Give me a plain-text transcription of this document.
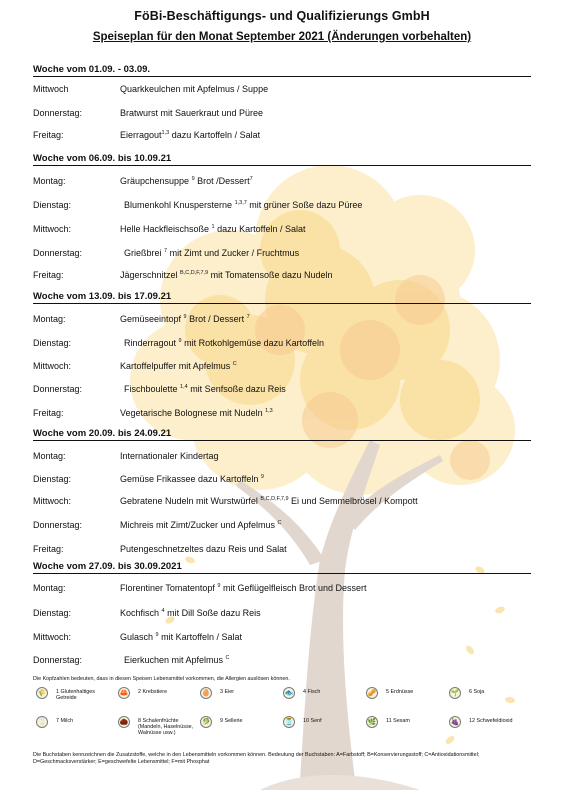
FöBi-Beschäftigungs- und Qualifizierungs GmbH
Speiseplan für den Monat September 2021 (Änderungen vorbehalten)
Woche vom 01.09. - 03.09.
Mittwoch	Quarkkeulchen mit Apfelmus / Suppe
Donnerstag:	Bratwurst mit Sauerkraut und Püree
Freitag:	Eierragout$^{1,3}$ dazu Kartoffeln / Salat
Woche vom 06.09. bis 10.09.21
Montag:	Gräupchensuppe $^9$ Brot /Dessert$^7$
Dienstag:	Blumenkohl Knuspersterne $^{1,3,7}$ mit grüner Soße dazu Püree
Mittwoch:	Helle Hackfleischsoße $^1$ dazu Kartoffeln / Salat
Donnerstag:	Grießbrei $^7$ mit Zimt und Zucker / Fruchtmus
Freitag:	Jägerschnitzel $^{B,C,D,F,7,9}$ mit Tomatensoße dazu Nudeln
Woche vom 13.09. bis 17.09.21
Montag:	Gemüseeintopf $^9$ Brot / Dessert $^7$
Dienstag:	Rinderragout $^9$ mit Rotkohlgemüse dazu Kartoffeln
Mittwoch:	Kartoffelpuffer mit Apfelmus $^C$
Donnerstag:	Fischboulette $^{1,4}$ mit Senfsoße dazu Reis
Freitag:	Vegetarische Bolognese mit Nudeln $^{1,3}$
Woche vom 20.09. bis 24.09.21
Montag:	Internationaler Kindertag
Dienstag:	Gemüse Frikassee dazu Kartoffeln $^9$
Mittwoch:	Gebratene Nudeln mit Wurstwürfel $^{B,C,D,F,7,9}$ Ei und Semmelbrösel / Kompott
Donnerstag:	Michreis mit Zimt/Zucker und Apfelmus $^C$
Freitag:	Putengeschnetzeltes dazu Reis und Salat
Woche vom 27.09. bis 30.09.2021
Montag:	Florentiner Tomatentopf $^9$ mit Geflügelfleisch Brot und Dessert
Dienstag:	Kochfisch $^4$ mit Dill Soße dazu Reis
Mittwoch:	Gulasch $^9$ mit Kartoffeln / Salat
Donnerstag:	Eierkuchen mit Apfelmus $^C$
Die Kopfzahlen bedeuten, dass in diesen Speisen Lebensmittel vorkommen, die Allergien auslösen können.
🌾	1 Glutenhaltiges Getreide
🦀	2 Krebstiere	🥚	3 Eier	🐟	4 Fisch	🥜	5 Erdnüsse	🌱	6 Soja
🥛	7 Milch	🌰	8 Schalenfrüchte (Mandeln, Haselnüsse, Walnüsse usw.)
🥬	9 Sellerie	🫙	10 Senf	🌿	11 Sesam	🍇	12 Schwefeldioxid
Die Buchstaben kennzeichnen die Zusatzstoffe, welche in den Lebensmitteln vorkommen können. Bedeutung der Buchstaben: A=Farbstoff; B=Konservierungsstoff; C=Antioxidationsmittel; D=Geschmacksverstärker; E=geschwefelte Lebensmittel; F=mit Phosphat
